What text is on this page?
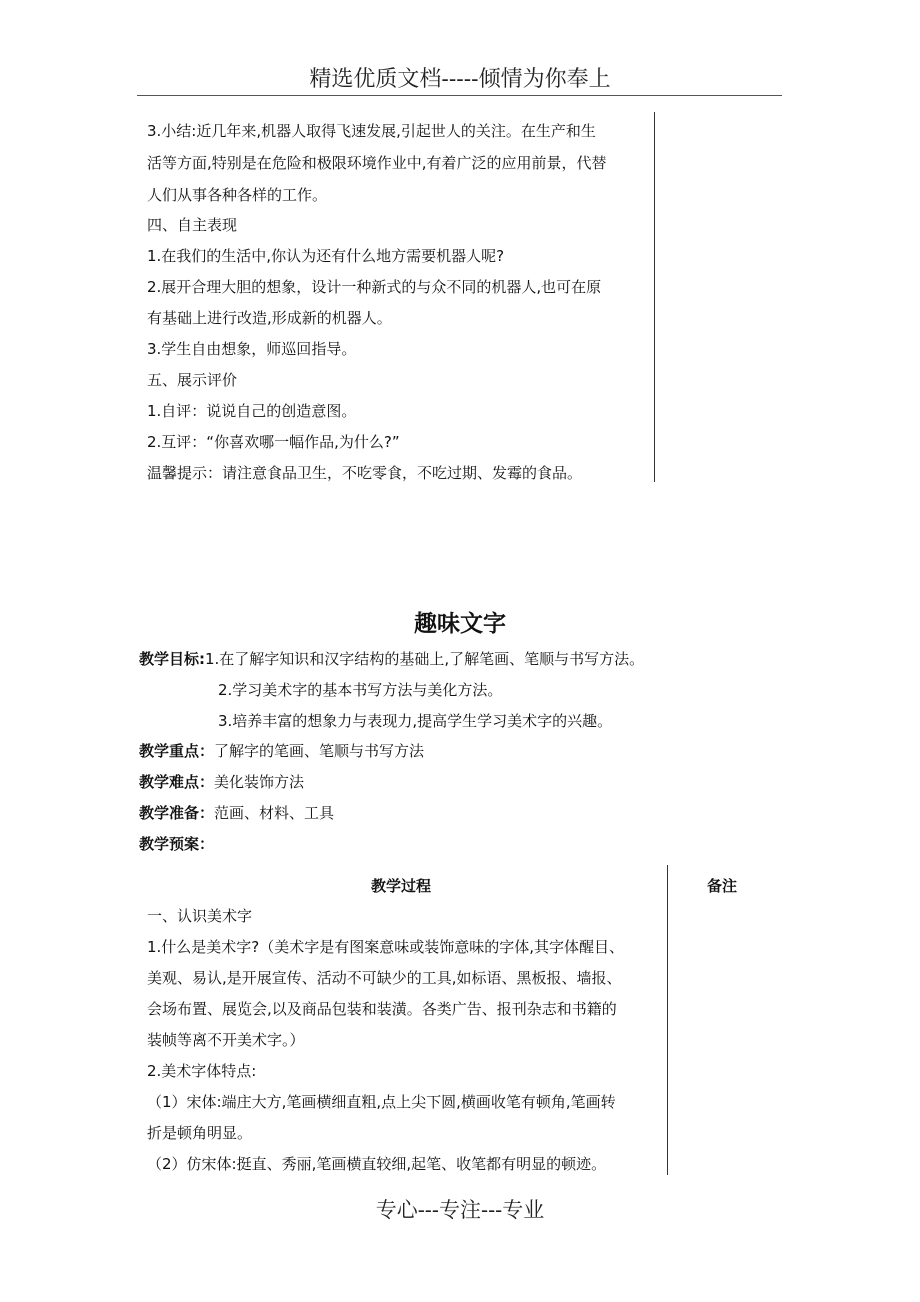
精选优质文档-----倾情为你奉上
3.小结:近几年来,机器人取得飞速发展,引起世人的关注。在生产和生
活等方面,特别是在危险和极限环境作业中,有着广泛的应用前景，代替
人们从事各种各样的工作。
四、自主表现
1.在我们的生活中,你认为还有什么地方需要机器人呢?
2.展开合理大胆的想象，设计一种新式的与众不同的机器人,也可在原
有基础上进行改造,形成新的机器人。
3.学生自由想象，师巡回指导。
五、展示评价
1.自评：说说自己的创造意图。
2.互评：“你喜欢哪一幅作品,为什么?”
温馨提示：请注意食品卫生，不吃零食，不吃过期、发霉的食品。
趣味文字
教学目标:1.在了解字知识和汉字结构的基础上,了解笔画、笔顺与书写方法。
2.学习美术字的基本书写方法与美化方法。
3.培养丰富的想象力与表现力,提高学生学习美术字的兴趣。
教学重点：了解字的笔画、笔顺与书写方法
教学难点：美化装饰方法
教学准备：范画、材料、工具
教学预案：
教学过程	备注
一、认识美术字
1.什么是美术字?（美术字是有图案意味或装饰意味的字体,其字体醒目、
美观、易认,是开展宣传、活动不可缺少的工具,如标语、黑板报、墙报、
会场布置、展览会,以及商品包装和装潢。各类广告、报刊杂志和书籍的
装帧等离不开美术字。）
2.美术字体特点:
（1）宋体:端庄大方,笔画横细直粗,点上尖下圆,横画收笔有顿角,笔画转
折是顿角明显。
（2）仿宋体:挺直、秀丽,笔画横直较细,起笔、收笔都有明显的顿迹。
专心---专注---专业
